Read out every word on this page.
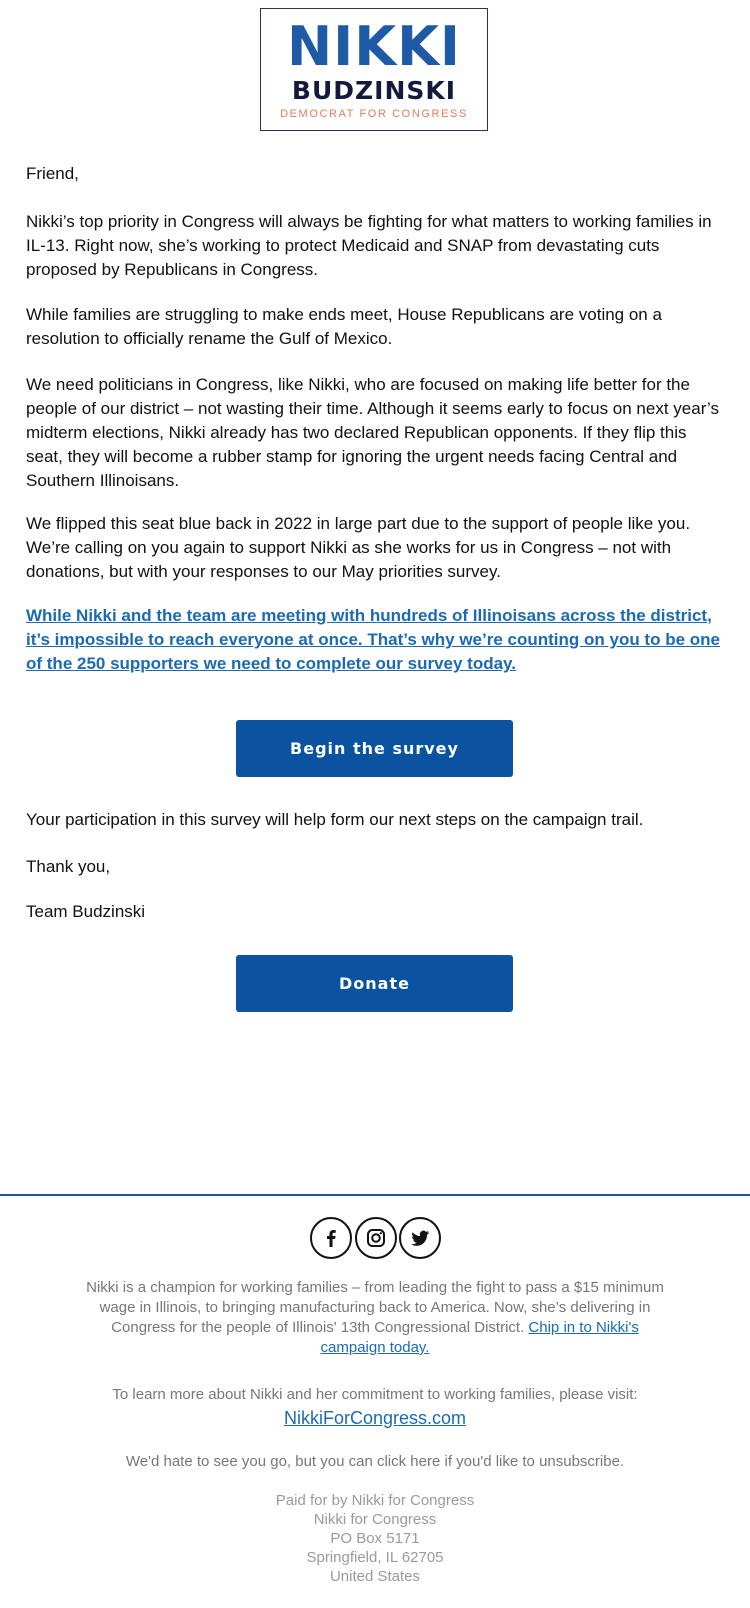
NIKKI
BUDZINSKI
DEMOCRAT FOR CONGRESS

Friend,

Nikki’s top priority in Congress will always be fighting for what matters to working families in IL-13. Right now, she’s working to protect Medicaid and SNAP from devastating cuts proposed by Republicans in Congress.

While families are struggling to make ends meet, House Republicans are voting on a resolution to officially rename the Gulf of Mexico.

We need politicians in Congress, like Nikki, who are focused on making life better for the people of our district – not wasting their time. Although it seems early to focus on next year’s midterm elections, Nikki already has two declared Republican opponents. If they flip this seat, they will become a rubber stamp for ignoring the urgent needs facing Central and Southern Illinoisans.

We flipped this seat blue back in 2022 in large part due to the support of people like you. We’re calling on you again to support Nikki as she works for us in Congress – not with donations, but with your responses to our May priorities survey.

While Nikki and the team are meeting with hundreds of Illinoisans across the district, it’s impossible to reach everyone at once. That’s why we’re counting on you to be one of the 250 supporters we need to complete our survey today.

Begin the survey

Your participation in this survey will help form our next steps on the campaign trail.

Thank you,

Team Budzinski

Donate
Nikki is a champion for working families – from leading the fight to pass a $15 minimum wage in Illinois, to bringing manufacturing back to America. Now, she’s delivering in Congress for the people of Illinois' 13th Congressional District. Chip in to Nikki's campaign today.
To learn more about Nikki and her commitment to working families, please visit:
NikkiForCongress.com
We'd hate to see you go, but you can click here if you'd like to unsubscribe.
Paid for by Nikki for Congress
Nikki for Congress
PO Box 5171
Springfield, IL 62705
United States
